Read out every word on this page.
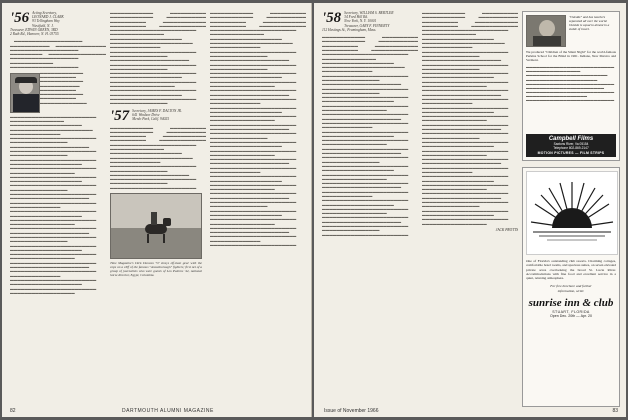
'56 Acting Secretary,
LEONARD J. CLARK
93 Tellingham Way
Westfield, N. J.
Treasurer, EDWIN GREEN, 3RD
2 Ruth Rd., Hanover, N. H. 03755
▬▬▬▬▬▬▬▬▬▬▬▬▬▬▬▬▬▬▬ ▬▬▬▬▬▬▬▬▬▬▬ ▬▬▬▬▬▬▬▬▬▬▬▬▬▬ ▬▬▬▬▬▬▬▬▬▬▬▬▬▬▬▬▬▬▬ ▬▬▬▬▬▬▬▬▬ ▬▬▬▬▬▬▬▬▬▬▬▬▬▬▬▬ ▬▬▬▬▬▬▬▬▬▬▬▬▬▬▬▬▬▬▬ ▬▬▬▬▬▬▬▬▬▬▬▬ ▬▬▬▬▬▬▬▬▬▬▬▬▬▬▬▬▬▬▬
▬▬▬▬▬▬▬▬▬▬▬▬ ▬▬▬▬▬▬▬▬▬▬ ▬▬▬▬▬▬▬▬▬▬▬▬ ▬▬▬▬▬▬▬▬▬▬▬ ▬▬▬▬▬▬▬▬▬▬ ▬▬▬▬▬▬▬▬▬▬▬▬ ▬▬▬▬▬▬▬▬▬▬ ▬▬▬▬▬▬▬▬▬▬▬▬▬ ▬▬▬▬▬▬▬▬▬▬▬▬▬▬▬▬▬▬▬▬▬▬▬▬ ▬▬▬▬▬▬▬▬▬▬▬▬▬▬▬ ▬▬▬▬▬▬▬▬▬▬▬▬▬▬▬▬▬▬▬▬ ▬▬▬▬▬▬▬▬▬▬▬▬▬▬▬▬▬▬▬▬▬▬▬ ▬▬▬▬▬▬▬▬▬▬▬▬▬▬ ▬▬▬▬▬▬▬▬▬▬▬▬▬▬▬▬▬▬▬▬▬▬▬▬ ▬▬▬▬▬▬▬▬▬▬▬▬▬▬▬▬ ▬▬▬▬▬▬▬▬▬▬▬▬▬▬▬▬▬▬▬▬▬▬ ▬▬▬▬▬▬▬▬▬▬▬▬▬▬▬▬▬▬▬▬▬▬▬▬ ▬▬▬▬▬▬▬▬▬▬▬▬▬▬▬▬ ▬▬▬▬▬▬▬▬▬▬▬▬▬▬▬▬▬▬▬▬▬▬▬▬ ▬▬▬▬▬▬▬▬▬▬▬▬▬▬▬▬▬▬▬▬ ▬▬▬▬▬▬▬▬▬▬▬▬▬▬▬▬▬▬▬▬▬▬▬▬ ▬▬▬▬▬▬▬▬▬▬▬▬▬▬▬▬▬▬ ▬▬▬▬▬▬▬▬▬▬▬▬▬▬▬▬▬▬▬▬▬▬▬▬ ▬▬▬▬▬▬▬▬▬▬▬▬▬▬▬▬▬▬▬▬ ▬▬▬▬▬▬▬▬▬▬▬▬▬▬▬▬▬▬▬▬▬▬▬▬ ▬▬▬▬▬▬▬▬▬▬▬▬▬▬▬▬ ▬▬▬▬▬▬▬▬▬▬▬▬▬▬▬▬▬▬▬▬▬▬▬▬ ▬▬▬▬▬▬▬▬▬▬▬▬▬▬▬▬▬▬▬▬▬▬ ▬▬▬▬▬▬▬▬▬▬▬▬▬▬▬▬▬▬▬▬▬▬▬▬ ▬▬▬▬▬▬▬▬▬▬▬▬▬▬ ▬▬▬▬▬▬▬▬▬▬▬▬▬▬▬▬▬▬▬▬▬▬▬▬ ▬▬▬▬▬▬▬▬▬▬▬▬▬▬▬▬▬▬▬▬ ▬▬▬▬▬▬▬▬▬▬▬▬▬▬▬▬▬▬▬▬▬▬▬▬ ▬▬▬▬▬▬▬▬▬▬▬▬▬▬▬▬▬▬ ▬▬▬▬▬▬▬▬▬▬▬▬▬▬▬▬▬▬▬▬▬▬▬▬ ▬▬▬▬▬▬▬▬▬▬▬▬▬▬▬▬▬▬▬▬▬▬ ▬▬▬▬▬▬▬▬▬▬▬▬▬▬▬▬▬▬▬▬▬▬▬▬ ▬▬▬▬▬▬▬▬▬▬▬▬▬▬▬▬ ▬▬▬▬▬▬▬▬▬▬▬▬▬▬▬▬▬▬▬▬▬▬▬▬ ▬▬▬▬▬▬▬▬▬▬▬▬▬▬▬▬▬▬▬▬ ▬▬▬▬▬▬▬▬▬▬▬▬▬▬▬▬▬▬▬▬▬▬▬▬ ▬▬▬▬▬▬▬▬▬▬▬▬▬▬▬▬▬▬ ▬▬▬▬▬▬▬▬▬▬▬▬▬▬▬▬▬▬▬▬▬▬▬▬ ▬▬▬▬▬▬▬▬▬▬▬▬▬▬▬▬▬▬▬▬▬▬ ▬▬▬▬▬▬▬▬▬▬▬▬▬▬▬▬▬▬▬▬▬▬▬▬ ▬▬▬▬▬▬▬▬▬▬▬▬▬▬ ▬▬▬▬▬▬▬▬▬▬▬▬▬▬▬▬▬▬▬▬▬▬▬▬ ▬▬▬▬▬▬▬▬▬▬▬▬▬▬▬▬▬▬▬▬ ▬▬▬▬▬▬▬▬▬▬▬▬▬▬▬▬▬▬▬▬▬▬▬▬ ▬▬▬▬▬▬▬▬▬▬▬▬▬▬▬▬▬▬
▬▬▬▬▬▬▬▬▬▬▬▬ ▬▬▬▬▬▬▬▬▬▬ ▬▬▬▬▬▬▬▬▬▬▬▬ ▬▬▬▬▬▬▬▬▬▬▬ ▬▬▬▬▬▬▬▬▬▬ ▬▬▬▬▬▬▬▬▬▬▬▬ ▬▬▬▬▬▬▬▬▬▬ ▬▬▬▬▬▬▬▬▬▬▬▬▬ ▬▬▬▬▬▬▬▬▬▬▬▬▬▬▬▬▬▬▬▬▬▬▬▬ ▬▬▬▬▬▬▬▬▬▬▬▬▬▬▬ ▬▬▬▬▬▬▬▬▬▬▬▬▬▬▬▬▬▬▬▬ ▬▬▬▬▬▬▬▬▬▬▬▬▬▬▬▬▬▬▬▬▬▬▬ ▬▬▬▬▬▬▬▬▬▬▬▬▬▬ ▬▬▬▬▬▬▬▬▬▬▬▬▬▬▬▬▬▬▬▬▬▬▬▬ ▬▬▬▬▬▬▬▬▬▬▬▬▬▬▬▬ ▬▬▬▬▬▬▬▬▬▬▬▬▬▬▬▬▬▬▬▬▬▬ ▬▬▬▬▬▬▬▬▬▬▬▬▬▬▬▬▬▬▬▬▬▬▬▬ ▬▬▬▬▬▬▬▬▬▬▬▬▬▬▬▬ ▬▬▬▬▬▬▬▬▬▬▬▬▬▬▬▬▬▬▬▬▬▬▬▬ ▬▬▬▬▬▬▬▬▬▬▬▬▬▬▬▬▬▬▬▬ ▬▬▬▬▬▬▬▬▬▬▬▬▬▬▬▬▬▬▬▬▬▬▬▬ ▬▬▬▬▬▬▬▬▬▬▬▬▬▬▬▬▬▬ ▬▬▬▬▬▬▬▬▬▬▬▬▬▬▬▬▬▬▬▬▬▬▬▬ ▬▬▬▬▬▬▬▬▬▬▬▬▬▬▬▬▬▬▬▬ ▬▬▬▬▬▬▬▬▬▬▬▬▬▬▬▬▬▬▬▬▬▬▬▬ ▬▬▬▬▬▬▬▬▬▬▬▬▬▬▬▬
'57 Secretary, JAMES F. DALTON JR.
641 Windsor Drive
Menlo Park, Calif. 94025
▬▬▬▬▬▬▬▬▬▬▬▬ ▬▬▬▬▬▬▬▬▬▬ ▬▬▬▬▬▬▬▬▬▬▬▬ ▬▬▬▬▬▬▬▬▬▬▬ ▬▬▬▬▬▬▬▬▬▬ ▬▬▬▬▬▬▬▬▬▬▬▬ ▬▬▬▬▬▬▬▬▬▬ ▬▬▬▬▬▬▬▬▬▬▬▬▬ ▬▬▬▬▬▬▬▬▬▬▬▬▬▬▬▬▬▬▬▬▬▬▬▬ ▬▬▬▬▬▬▬▬▬▬▬▬▬▬▬ ▬▬▬▬▬▬▬▬▬▬▬▬▬▬▬▬▬▬▬▬ ▬▬▬▬▬▬▬▬▬▬▬▬▬▬▬▬▬▬▬▬▬▬▬ ▬▬▬▬▬▬▬▬▬▬▬▬▬▬ ▬▬▬▬▬▬▬▬▬▬▬▬▬▬▬▬▬▬▬▬▬▬▬▬ ▬▬▬▬▬▬▬▬▬▬▬▬▬▬▬▬ ▬▬▬▬▬▬▬▬▬▬▬▬▬▬▬▬▬▬▬▬▬▬ ▬▬▬▬▬▬▬▬▬▬▬▬▬▬▬▬▬▬▬▬▬▬▬▬ ▬▬▬▬▬▬▬▬▬▬▬▬▬▬▬▬ ▬▬▬▬▬▬▬▬▬▬▬▬▬▬▬▬▬▬▬▬▬▬▬▬
Time Magazine's Dick Duncan '57 strays off-beat gear with the cops on a cliff of the famous "Ansonborough" fighters; first net of a group of journalists who were guests of Los Paleros '42, national horse director, Egypt, Colombia.
▬▬▬▬▬▬▬▬▬▬▬▬ ▬▬▬▬▬▬▬▬▬▬ ▬▬▬▬▬▬▬▬▬▬▬▬ ▬▬▬▬▬▬▬▬▬▬▬ ▬▬▬▬▬▬▬▬▬▬ ▬▬▬▬▬▬▬▬▬▬▬▬ ▬▬▬▬▬▬▬▬▬▬ ▬▬▬▬▬▬▬▬▬▬▬▬▬ ▬▬▬▬▬▬▬▬▬▬▬▬▬▬▬▬▬▬▬▬▬▬▬▬ ▬▬▬▬▬▬▬▬▬▬▬▬▬▬▬ ▬▬▬▬▬▬▬▬▬▬▬▬▬▬▬▬▬▬▬▬ ▬▬▬▬▬▬▬▬▬▬▬▬▬▬▬▬▬▬▬▬▬▬▬ ▬▬▬▬▬▬▬▬▬▬▬▬▬▬ ▬▬▬▬▬▬▬▬▬▬▬▬▬▬▬▬▬▬▬▬▬▬▬▬ ▬▬▬▬▬▬▬▬▬▬▬▬▬▬▬▬ ▬▬▬▬▬▬▬▬▬▬▬▬▬▬▬▬▬▬▬▬▬▬ ▬▬▬▬▬▬▬▬▬▬▬▬▬▬▬▬▬▬▬▬▬▬▬▬ ▬▬▬▬▬▬▬▬▬▬▬▬▬▬▬▬ ▬▬▬▬▬▬▬▬▬▬▬▬▬▬▬▬▬▬▬▬▬▬▬▬ ▬▬▬▬▬▬▬▬▬▬▬▬▬▬▬▬▬▬▬▬ ▬▬▬▬▬▬▬▬▬▬▬▬▬▬▬▬▬▬▬▬▬▬▬▬ ▬▬▬▬▬▬▬▬▬▬▬▬▬▬▬▬▬▬ ▬▬▬▬▬▬▬▬▬▬▬▬▬▬▬▬▬▬▬▬▬▬▬▬ ▬▬▬▬▬▬▬▬▬▬▬▬▬▬▬▬▬▬▬▬▬▬ ▬▬▬▬▬▬▬▬▬▬▬▬▬▬▬▬▬▬▬▬▬▬▬▬ ▬▬▬▬▬▬▬▬▬▬▬▬▬▬ ▬▬▬▬▬▬▬▬▬▬▬▬▬▬▬▬▬▬▬▬▬▬▬▬ ▬▬▬▬▬▬▬▬▬▬▬▬▬▬▬▬▬▬▬▬ ▬▬▬▬▬▬▬▬▬▬▬▬▬▬▬▬▬▬▬▬▬▬▬▬ ▬▬▬▬▬▬▬▬▬▬▬▬▬▬▬▬▬▬ ▬▬▬▬▬▬▬▬▬▬▬▬▬▬▬▬▬▬▬▬▬▬▬▬ ▬▬▬▬▬▬▬▬▬▬▬▬▬▬▬▬▬▬▬▬▬▬ ▬▬▬▬▬▬▬▬▬▬▬▬▬▬▬▬▬▬▬▬▬▬▬▬ ▬▬▬▬▬▬▬▬▬▬▬▬▬▬▬▬ ▬▬▬▬▬▬▬▬▬▬▬▬▬▬▬▬▬▬▬▬▬▬▬▬ ▬▬▬▬▬▬▬▬▬▬▬▬▬▬▬▬▬▬▬▬ ▬▬▬▬▬▬▬▬▬▬▬▬▬▬▬▬▬▬▬▬▬▬▬▬ ▬▬▬▬▬▬▬▬▬▬▬▬▬▬▬▬▬▬ ▬▬▬▬▬▬▬▬▬▬▬▬▬▬▬▬▬▬▬▬▬▬▬▬ ▬▬▬▬▬▬▬▬▬▬▬▬▬▬▬▬▬▬▬▬▬▬ ▬▬▬▬▬▬▬▬▬▬▬▬▬▬▬▬▬▬▬▬▬▬▬▬ ▬▬▬▬▬▬▬▬▬▬▬▬▬▬ ▬▬▬▬▬▬▬▬▬▬▬▬▬▬▬▬▬▬▬▬▬▬▬▬ ▬▬▬▬▬▬▬▬▬▬▬▬▬▬▬▬▬▬▬▬ ▬▬▬▬▬▬▬▬▬▬▬▬▬▬▬▬▬▬▬▬▬▬▬▬ ▬▬▬▬▬▬▬▬▬▬▬▬▬▬▬▬▬▬ ▬▬▬▬▬▬▬▬▬▬▬▬▬▬▬▬▬▬▬▬▬▬▬▬ ▬▬▬▬▬▬▬▬▬▬▬▬▬▬▬▬▬▬▬▬▬▬ ▬▬▬▬▬▬▬▬▬▬▬▬▬▬▬▬▬▬▬▬▬▬▬▬ ▬▬▬▬▬▬▬▬▬▬▬▬▬▬▬▬ ▬▬▬▬▬▬▬▬▬▬▬▬▬▬▬▬▬▬▬▬▬▬▬▬ ▬▬▬▬▬▬▬▬▬▬▬▬▬▬▬▬▬▬▬▬ ▬▬▬▬▬▬▬▬▬▬▬▬▬▬▬▬▬▬▬▬▬▬▬▬ ▬▬▬▬▬▬▬▬▬▬▬▬▬▬▬▬▬▬ ▬▬▬▬▬▬▬▬▬▬▬▬▬▬▬▬▬▬▬▬▬▬▬▬ ▬▬▬▬▬▬▬▬▬▬▬▬▬▬▬▬▬▬▬▬▬▬ ▬▬▬▬▬▬▬▬▬▬▬▬▬▬▬▬▬▬▬▬▬▬▬▬ ▬▬▬▬▬▬▬▬▬▬▬▬▬▬ ▬▬▬▬▬▬▬▬▬▬▬▬▬▬▬▬▬▬▬▬▬▬▬▬
82	DARTMOUTH ALUMNI MAGAZINE
'58 Secretary, WILLIAM S. BERTLER
34 Ford Hill Rd.
New York, N. Y. 10001
Treasurer, GARY F. FINNERTY
112 Hastings St., Framingham, Mass.
▬▬▬▬▬▬▬▬▬▬▬▬ ▬▬▬▬▬▬▬▬▬▬ ▬▬▬▬▬▬▬▬▬▬▬▬ ▬▬▬▬▬▬▬▬▬▬▬ ▬▬▬▬▬▬▬▬▬▬ ▬▬▬▬▬▬▬▬▬▬▬▬ ▬▬▬▬▬▬▬▬▬▬ ▬▬▬▬▬▬▬▬▬▬▬▬▬ ▬▬▬▬▬▬▬▬▬▬▬▬▬▬▬▬▬▬▬▬▬▬▬▬ ▬▬▬▬▬▬▬▬▬▬▬▬▬▬▬ ▬▬▬▬▬▬▬▬▬▬▬▬▬▬▬▬▬▬▬▬ ▬▬▬▬▬▬▬▬▬▬▬▬▬▬▬▬▬▬▬▬▬▬▬ ▬▬▬▬▬▬▬▬▬▬▬▬▬▬ ▬▬▬▬▬▬▬▬▬▬▬▬▬▬▬▬▬▬▬▬▬▬▬▬ ▬▬▬▬▬▬▬▬▬▬▬▬▬▬▬▬ ▬▬▬▬▬▬▬▬▬▬▬▬▬▬▬▬▬▬▬▬▬▬ ▬▬▬▬▬▬▬▬▬▬▬▬▬▬▬▬▬▬▬▬▬▬▬▬ ▬▬▬▬▬▬▬▬▬▬▬▬▬▬▬▬ ▬▬▬▬▬▬▬▬▬▬▬▬▬▬▬▬▬▬▬▬▬▬▬▬ ▬▬▬▬▬▬▬▬▬▬▬▬▬▬▬▬▬▬▬▬ ▬▬▬▬▬▬▬▬▬▬▬▬▬▬▬▬▬▬▬▬▬▬▬▬ ▬▬▬▬▬▬▬▬▬▬▬▬▬▬▬▬▬▬ ▬▬▬▬▬▬▬▬▬▬▬▬▬▬▬▬▬▬▬▬▬▬▬▬ ▬▬▬▬▬▬▬▬▬▬▬▬▬▬▬▬▬▬▬▬▬▬ ▬▬▬▬▬▬▬▬▬▬▬▬▬▬▬▬▬▬▬▬▬▬▬▬ ▬▬▬▬▬▬▬▬▬▬▬▬▬▬ ▬▬▬▬▬▬▬▬▬▬▬▬▬▬▬▬▬▬▬▬▬▬▬▬ ▬▬▬▬▬▬▬▬▬▬▬▬▬▬▬▬▬▬▬▬ ▬▬▬▬▬▬▬▬▬▬▬▬▬▬▬▬▬▬▬▬▬▬▬▬ ▬▬▬▬▬▬▬▬▬▬▬▬▬▬▬▬▬▬ ▬▬▬▬▬▬▬▬▬▬▬▬▬▬▬▬▬▬▬▬▬▬▬▬ ▬▬▬▬▬▬▬▬▬▬▬▬▬▬▬▬▬▬▬▬▬▬ ▬▬▬▬▬▬▬▬▬▬▬▬▬▬▬▬▬▬▬▬▬▬▬▬ ▬▬▬▬▬▬▬▬▬▬▬▬▬▬▬▬ ▬▬▬▬▬▬▬▬▬▬▬▬▬▬▬▬▬▬▬▬▬▬▬▬ ▬▬▬▬▬▬▬▬▬▬▬▬▬▬▬▬▬▬▬▬ ▬▬▬▬▬▬▬▬▬▬▬▬▬▬▬▬▬▬▬▬▬▬▬▬ ▬▬▬▬▬▬▬▬▬▬▬▬▬▬▬▬▬▬ ▬▬▬▬▬▬▬▬▬▬▬▬▬▬▬▬▬▬▬▬▬▬▬▬ ▬▬▬▬▬▬▬▬▬▬▬▬▬▬▬▬▬▬▬▬▬▬ ▬▬▬▬▬▬▬▬▬▬▬▬▬▬▬▬▬▬▬▬▬▬▬▬ ▬▬▬▬▬▬▬▬▬▬▬▬▬▬ ▬▬▬▬▬▬▬▬▬▬▬▬▬▬▬▬▬▬▬▬▬▬▬▬ ▬▬▬▬▬▬▬▬▬▬▬▬▬▬▬▬▬▬▬▬ ▬▬▬▬▬▬▬▬▬▬▬▬▬▬▬▬▬▬▬▬▬▬▬▬ ▬▬▬▬▬▬▬▬▬▬▬▬▬▬▬▬▬▬ ▬▬▬▬▬▬▬▬▬▬▬▬▬▬▬▬▬▬▬▬▬▬▬▬ ▬▬▬▬▬▬▬▬▬▬▬▬▬▬▬▬▬▬▬▬▬▬ ▬▬▬▬▬▬▬▬▬▬▬▬▬▬▬▬▬▬▬▬▬▬▬▬ ▬▬▬▬▬▬▬▬▬▬▬▬▬▬▬▬ ▬▬▬▬▬▬▬▬▬▬▬▬▬▬▬▬▬▬▬▬▬▬▬▬
▬▬▬▬▬▬▬▬▬▬▬▬ ▬▬▬▬▬▬▬▬▬▬ ▬▬▬▬▬▬▬▬▬▬▬▬ ▬▬▬▬▬▬▬▬▬▬▬ ▬▬▬▬▬▬▬▬▬▬ ▬▬▬▬▬▬▬▬▬▬▬▬ ▬▬▬▬▬▬▬▬▬▬ ▬▬▬▬▬▬▬▬▬▬▬▬▬ ▬▬▬▬▬▬▬▬▬▬▬▬▬▬▬▬▬▬▬▬▬▬▬▬ ▬▬▬▬▬▬▬▬▬▬▬▬▬▬▬ ▬▬▬▬▬▬▬▬▬▬▬▬▬▬▬▬▬▬▬▬ ▬▬▬▬▬▬▬▬▬▬▬▬▬▬▬▬▬▬▬▬▬▬▬ ▬▬▬▬▬▬▬▬▬▬▬▬▬▬ ▬▬▬▬▬▬▬▬▬▬▬▬▬▬▬▬▬▬▬▬▬▬▬▬ ▬▬▬▬▬▬▬▬▬▬▬▬▬▬▬▬ ▬▬▬▬▬▬▬▬▬▬▬▬▬▬▬▬▬▬▬▬▬▬ ▬▬▬▬▬▬▬▬▬▬▬▬▬▬▬▬▬▬▬▬▬▬▬▬ ▬▬▬▬▬▬▬▬▬▬▬▬▬▬▬▬ ▬▬▬▬▬▬▬▬▬▬▬▬▬▬▬▬▬▬▬▬▬▬▬▬ ▬▬▬▬▬▬▬▬▬▬▬▬▬▬▬▬▬▬▬▬ ▬▬▬▬▬▬▬▬▬▬▬▬▬▬▬▬▬▬▬▬▬▬▬▬ ▬▬▬▬▬▬▬▬▬▬▬▬▬▬▬▬▬▬ ▬▬▬▬▬▬▬▬▬▬▬▬▬▬▬▬▬▬▬▬▬▬▬▬ ▬▬▬▬▬▬▬▬▬▬▬▬▬▬▬▬▬▬▬▬▬▬ ▬▬▬▬▬▬▬▬▬▬▬▬▬▬▬▬▬▬▬▬▬▬▬▬ ▬▬▬▬▬▬▬▬▬▬▬▬▬▬ ▬▬▬▬▬▬▬▬▬▬▬▬▬▬▬▬▬▬▬▬▬▬▬▬ ▬▬▬▬▬▬▬▬▬▬▬▬▬▬▬▬▬▬▬▬ ▬▬▬▬▬▬▬▬▬▬▬▬▬▬▬▬▬▬▬▬▬▬▬▬ ▬▬▬▬▬▬▬▬▬▬▬▬▬▬▬▬▬▬ ▬▬▬▬▬▬▬▬▬▬▬▬▬▬▬▬▬▬▬▬▬▬▬▬ ▬▬▬▬▬▬▬▬▬▬▬▬▬▬▬▬▬▬▬▬▬▬ ▬▬▬▬▬▬▬▬▬▬▬▬▬▬▬▬▬▬▬▬▬▬▬▬ ▬▬▬▬▬▬▬▬▬▬▬▬▬▬▬▬ ▬▬▬▬▬▬▬▬▬▬▬▬▬▬▬▬▬▬▬▬▬▬▬▬ ▬▬▬▬▬▬▬▬▬▬▬▬▬▬▬▬▬▬▬▬ ▬▬▬▬▬▬▬▬▬▬▬▬▬▬▬▬▬▬▬▬▬▬▬▬ ▬▬▬▬▬▬▬▬▬▬▬▬▬▬▬▬▬▬ ▬▬▬▬▬▬▬▬▬▬▬▬▬▬▬▬▬▬▬▬▬▬▬▬ ▬▬▬▬▬▬▬▬▬▬▬▬▬▬▬▬▬▬▬▬▬▬ ▬▬▬▬▬▬▬▬▬▬▬▬▬▬▬▬▬▬▬▬▬▬▬▬ ▬▬▬▬▬▬▬▬▬▬▬▬▬▬ ▬▬▬▬▬▬▬▬▬▬▬▬▬▬▬▬▬▬▬▬▬▬▬▬ ▬▬▬▬▬▬▬▬▬▬▬▬▬▬▬▬▬▬▬▬ ▬▬▬▬▬▬▬▬▬▬▬▬▬▬▬▬▬▬▬▬▬▬▬▬ ▬▬▬▬▬▬▬▬▬▬▬▬▬▬▬▬▬▬ ▬▬▬▬▬▬▬▬▬▬▬▬▬▬▬▬▬▬▬▬▬▬▬▬ ▬▬▬▬▬▬▬▬▬▬▬▬▬▬▬▬▬▬▬▬▬▬ ▬▬▬▬▬▬▬▬▬▬▬▬▬▬▬▬▬▬▬▬▬▬▬▬ ▬▬▬▬▬▬▬▬▬▬▬▬▬▬▬▬ ▬▬▬▬▬▬▬▬▬▬▬▬▬▬▬▬▬▬▬▬▬▬▬▬ ▬▬▬▬▬▬▬▬▬▬▬▬▬▬▬▬▬▬▬▬ ▬▬▬▬▬▬▬▬▬▬▬▬▬▬▬▬▬▬▬▬▬▬▬▬ ▬▬▬▬▬▬▬▬▬▬▬▬▬▬▬▬▬▬
JACK PROTTS
"Outside" and has teachers separated all over the world. Outside is equal to almost in a stable of travel.
We produced "Children of the Silent Night" for the world-famous Perkins School for the Blind in 1961. Indiana, New Mexico and Vermont.
▬▬▬▬▬▬▬▬▬▬▬▬▬▬▬▬▬▬▬▬▬▬▬▬▬▬ ▬▬▬▬▬▬▬▬▬▬▬▬▬▬▬▬ ▬▬▬▬▬▬▬▬▬▬▬▬▬▬▬▬▬▬▬▬▬▬▬▬ ▬▬▬▬▬▬▬▬▬▬▬▬▬▬▬▬▬▬▬▬▬ ▬▬▬▬▬▬▬▬▬▬▬▬▬▬▬▬▬▬▬▬▬▬▬▬▬▬ ▬▬▬▬▬▬▬▬▬▬▬▬▬▬▬▬▬▬▬▬▬▬▬ ▬▬▬▬▬▬▬▬▬▬▬▬▬▬▬▬▬▬▬▬▬▬▬▬▬▬ ▬▬▬▬▬▬▬▬▬▬▬▬▬▬▬▬▬▬ ▬▬▬▬▬▬▬▬▬▬▬▬▬▬▬▬▬▬▬▬▬▬▬▬▬▬
Campbell Films
Saxtons River, Va 05154
Telephone 802-869-2147
MOTION PICTURES — FILM STRIPS
One of Florida's outstanding club resorts. Charming cottages, comfortable hotel rooms, and spacious suites, on seven elevated private acres overlooking the broad St. Lucie River. Accommodations with fine food and excellent service in a quiet, relaxing atmosphere.
For free brochure and further
information, write:
sunrise inn & club
STUART, FLORIDA
Open Dec. 20th — Apr. 20
Issue of November 1966	83
